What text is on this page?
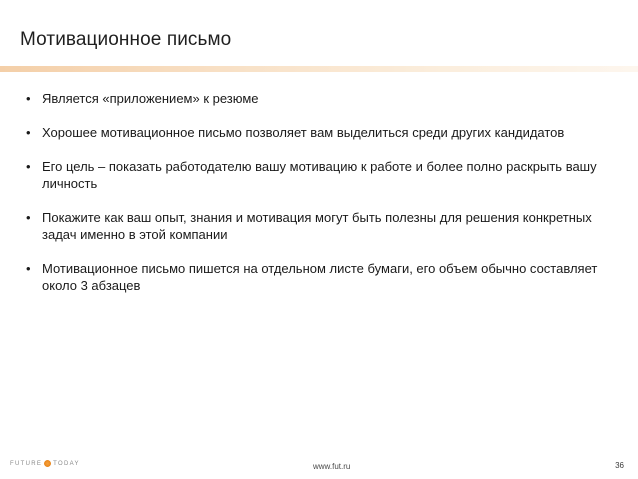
Мотивационное письмо
• Является «приложением» к резюме
• Хорошее мотивационное письмо позволяет вам выделиться среди других кандидатов
• Его цель – показать работодателю вашу мотивацию к работе и более полно раскрыть вашу личность
• Покажите как ваш опыт, знания и мотивация могут быть полезны для решения конкретных задач именно в этой компании
• Мотивационное письмо пишется на отдельном листе бумаги, его объем обычно составляет около 3 абзацев
FUTURE TODAY	www.fut.ru	36
